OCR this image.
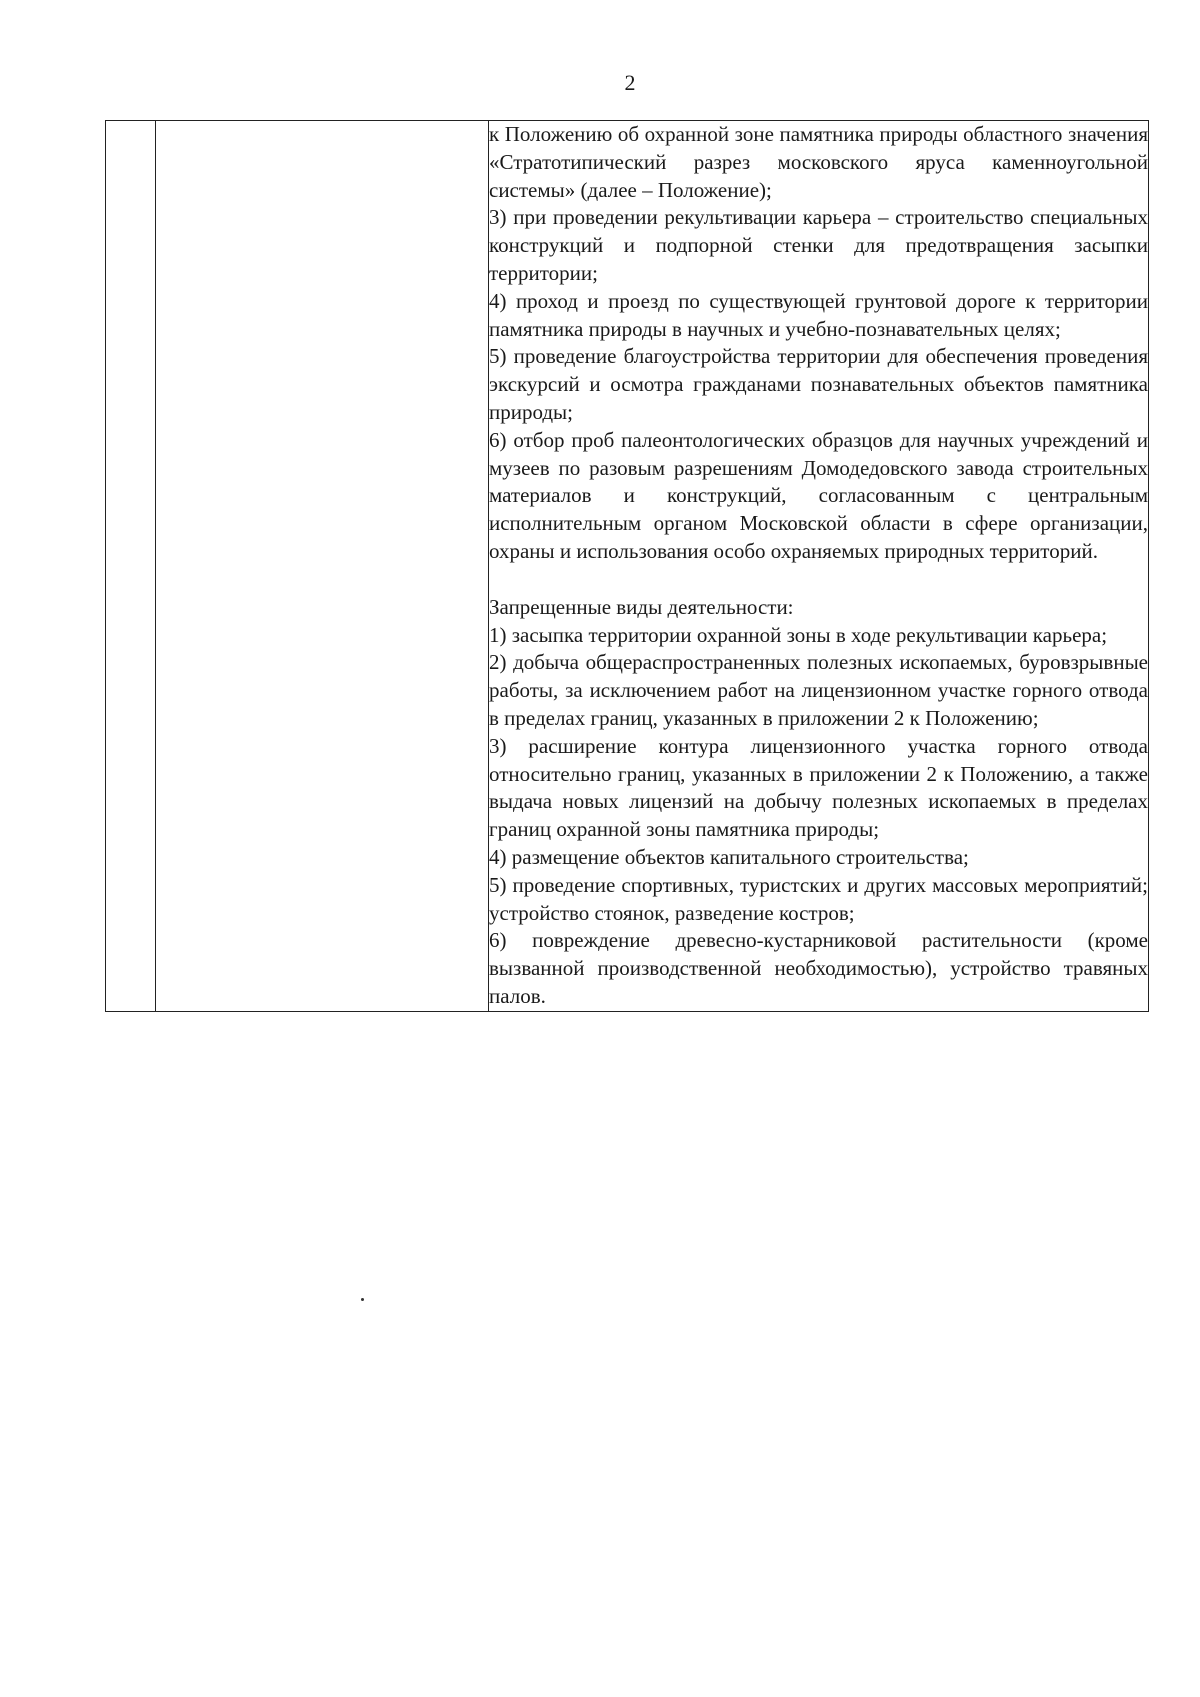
2

к Положению об охранной зоне памятника природы областного значения «Стратотипический разрез московского яруса каменноугольной системы» (далее – Положение);

3) при проведении рекультивации карьера – строительство специальных конструкций и подпорной стенки для предотвращения засыпки территории;

4) проход и проезд по существующей грунтовой дороге к территории памятника природы в научных и учебно-познавательных целях;

5) проведение благоустройства территории для обеспечения проведения экскурсий и осмотра гражданами познавательных объектов памятника природы;

6) отбор проб палеонтологических образцов для научных учреждений и музеев по разовым разрешениям Домодедовского завода строительных материалов и конструкций, согласованным с центральным исполнительным органом Московской области в сфере организации, охраны и использования особо охраняемых природных территорий.

Запрещенные виды деятельности:

1) засыпка территории охранной зоны в ходе рекультивации карьера;

2) добыча общераспространенных полезных ископаемых, буровзрывные работы, за исключением работ на лицензионном участке горного отвода в пределах границ, указанных в приложении 2 к Положению;

3) расширение контура лицензионного участка горного отвода относительно границ, указанных в приложении 2 к Положению, а также выдача новых лицензий на добычу полезных ископаемых в пределах границ охранной зоны памятника природы;

4) размещение объектов капитального строительства;

5) проведение спортивных, туристских и других массовых мероприятий; устройство стоянок, разведение костров;

6) повреждение древесно-кустарниковой растительности (кроме вызванной производственной необходимостью), устройство травяных палов.
